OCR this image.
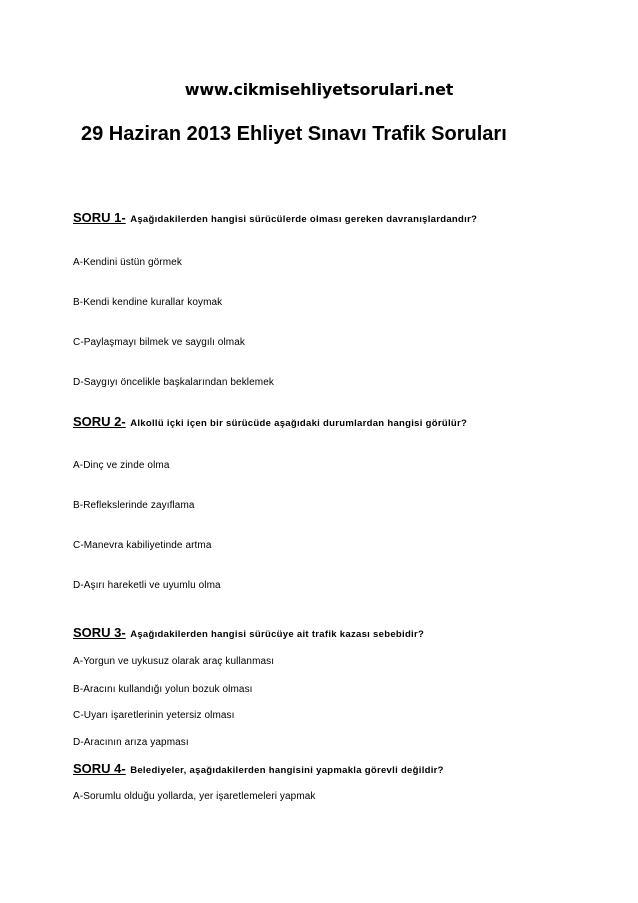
www.cikmisehliyetsorulari.net
29 Haziran 2013 Ehliyet Sınavı Trafik Soruları
SORU 1- Aşağıdakilerden hangisi sürücülerde olması gereken davranışlardandır?
A-Kendini üstün görmek
B-Kendi kendine kurallar koymak
C-Paylaşmayı bilmek ve saygılı olmak
D-Saygıyı öncelikle başkalarından beklemek
SORU 2- Alkollü içki içen bir sürücüde aşağıdaki durumlardan hangisi görülür?
A-Dinç ve zinde olma
B-Reflekslerinde zayıflama
C-Manevra kabiliyetinde artma
D-Aşırı hareketli ve uyumlu olma
SORU 3- Aşağıdakilerden hangisi sürücüye ait trafik kazası sebebidir?
A-Yorgun ve uykusuz olarak araç kullanması
B-Aracını kullandığı yolun bozuk olması
C-Uyarı işaretlerinin yetersiz olması
D-Aracının arıza yapması
SORU 4- Belediyeler, aşağıdakilerden hangisini yapmakla görevli değildir?
A-Sorumlu olduğu yollarda, yer işaretlemeleri yapmak
